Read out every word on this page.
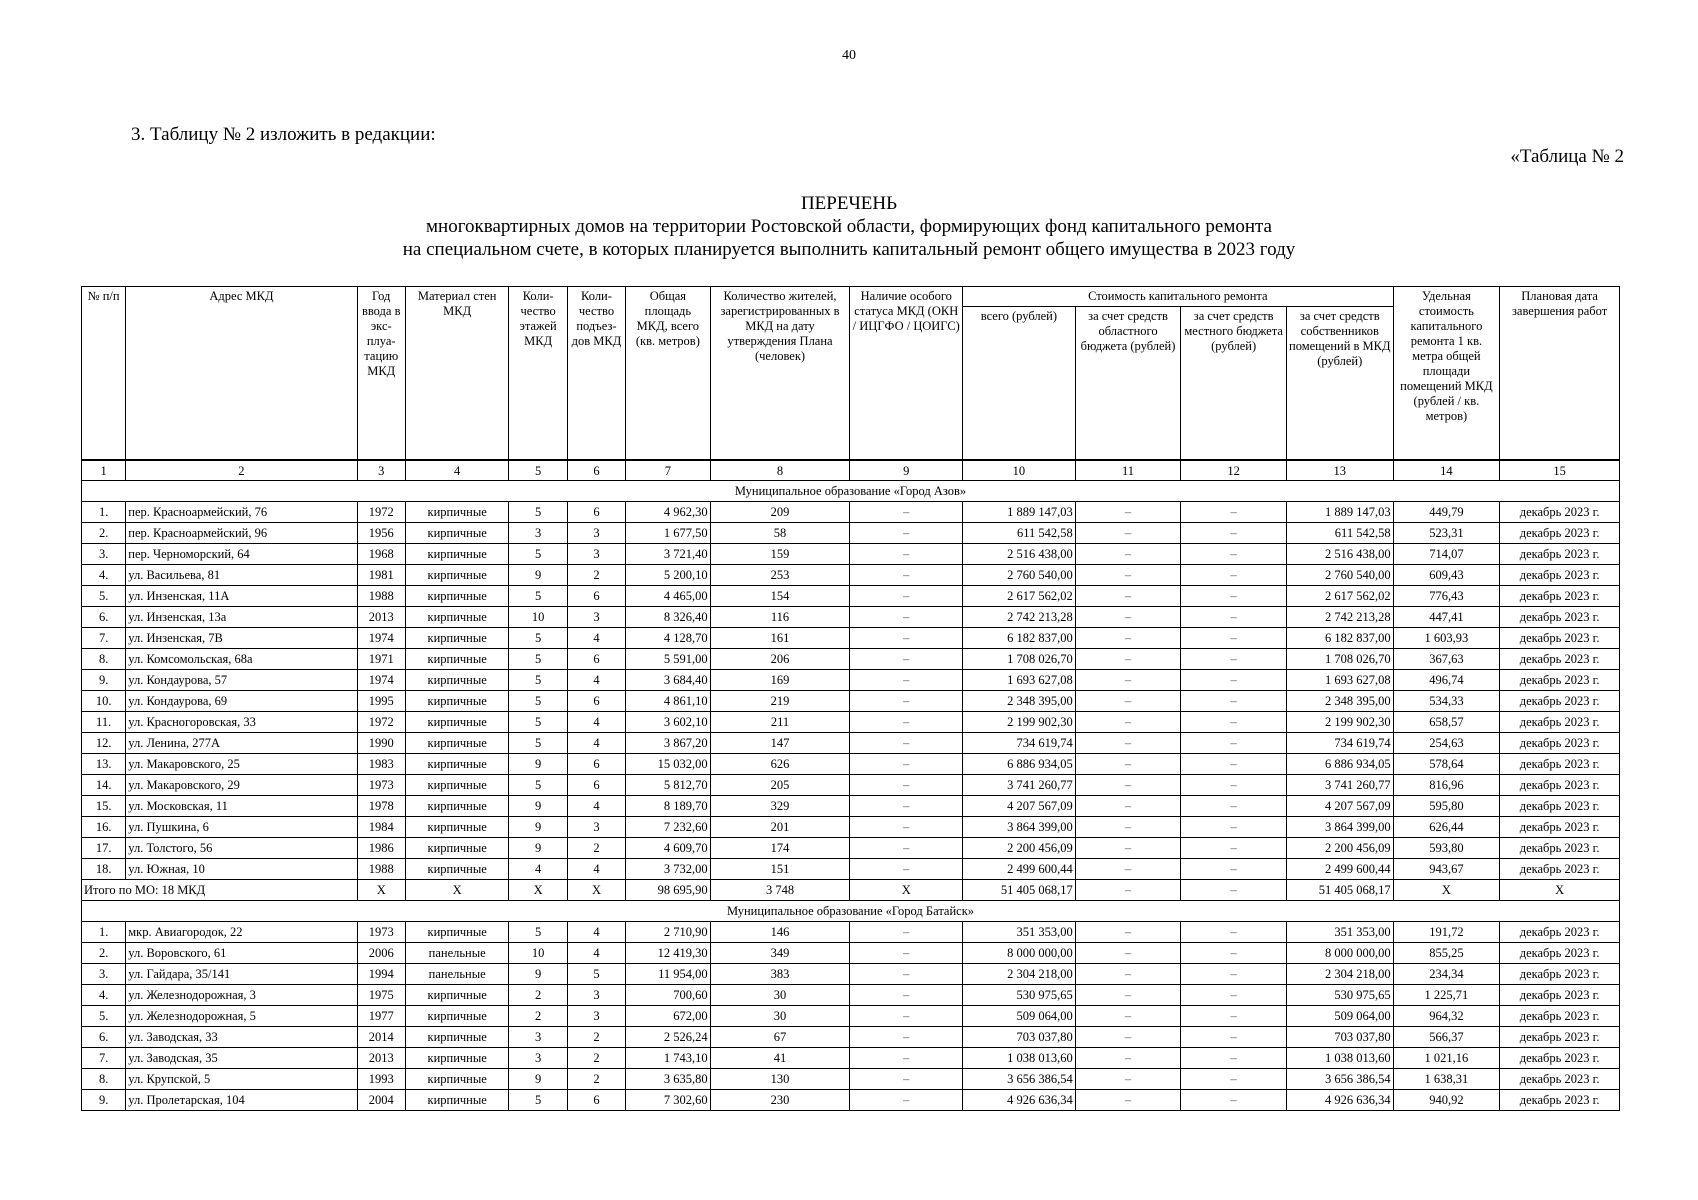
40
3. Таблицу № 2 изложить в редакции:
«Таблица № 2
ПЕРЕЧЕНЬ
многоквартирных домов на территории Ростовской области, формирующих фонд капитального ремонта
на специальном счете, в которых планируется выполнить капитальный ремонт общего имущества в 2023 году
№ п/п	Адрес МКД	Год ввода в экс-плуа-тацию МКД	Материал стен МКД	Коли-чество этажей МКД	Коли-чество подъез-дов МКД	Общая площадь МКД, всего (кв. метров)	Количество жителей, зарегистрированных в МКД на дату утверждения Плана (человек)	Наличие особого статуса МКД (ОКН / ИЦГФО / ЦОИГС)	Стоимость капитального ремонта				Удельная стоимость капитального ремонта 1 кв. метра общей площади помещений МКД (рублей / кв. метров)	Плановая дата завершения работ
									всего (рублей)	за счет средств областного бюджета (рублей)	за счет средств местного бюджета (рублей)	за счет средств собственников помещений в МКД (рублей)		
1	2	3	4	5	6	7	8	9	10	11	12	13	14	15
Муниципальное образование «Город Азов»														
1.	пер. Красноармейский, 76	1972	кирпичные	5	6	4 962,30	209	–	1 889 147,03	–	–	1 889 147,03	449,79	декабрь 2023 г.
2.	пер. Красноармейский, 96	1956	кирпичные	3	3	1 677,50	58	–	611 542,58	–	–	611 542,58	523,31	декабрь 2023 г.
3.	пер. Черноморский, 64	1968	кирпичные	5	3	3 721,40	159	–	2 516 438,00	–	–	2 516 438,00	714,07	декабрь 2023 г.
4.	ул. Васильева, 81	1981	кирпичные	9	2	5 200,10	253	–	2 760 540,00	–	–	2 760 540,00	609,43	декабрь 2023 г.
5.	ул. Инзенская, 11А	1988	кирпичные	5	6	4 465,00	154	–	2 617 562,02	–	–	2 617 562,02	776,43	декабрь 2023 г.
6.	ул. Инзенская, 13а	2013	кирпичные	10	3	8 326,40	116	–	2 742 213,28	–	–	2 742 213,28	447,41	декабрь 2023 г.
7.	ул. Инзенская, 7В	1974	кирпичные	5	4	4 128,70	161	–	6 182 837,00	–	–	6 182 837,00	1 603,93	декабрь 2023 г.
8.	ул. Комсомольская, 68а	1971	кирпичные	5	6	5 591,00	206	–	1 708 026,70	–	–	1 708 026,70	367,63	декабрь 2023 г.
9.	ул. Кондаурова, 57	1974	кирпичные	5	4	3 684,40	169	–	1 693 627,08	–	–	1 693 627,08	496,74	декабрь 2023 г.
10.	ул. Кондаурова, 69	1995	кирпичные	5	6	4 861,10	219	–	2 348 395,00	–	–	2 348 395,00	534,33	декабрь 2023 г.
11.	ул. Красногоровская, 33	1972	кирпичные	5	4	3 602,10	211	–	2 199 902,30	–	–	2 199 902,30	658,57	декабрь 2023 г.
12.	ул. Ленина, 277А	1990	кирпичные	5	4	3 867,20	147	–	734 619,74	–	–	734 619,74	254,63	декабрь 2023 г.
13.	ул. Макаровского, 25	1983	кирпичные	9	6	15 032,00	626	–	6 886 934,05	–	–	6 886 934,05	578,64	декабрь 2023 г.
14.	ул. Макаровского, 29	1973	кирпичные	5	6	5 812,70	205	–	3 741 260,77	–	–	3 741 260,77	816,96	декабрь 2023 г.
15.	ул. Московская, 11	1978	кирпичные	9	4	8 189,70	329	–	4 207 567,09	–	–	4 207 567,09	595,80	декабрь 2023 г.
16.	ул. Пушкина, 6	1984	кирпичные	9	3	7 232,60	201	–	3 864 399,00	–	–	3 864 399,00	626,44	декабрь 2023 г.
17.	ул. Толстого, 56	1986	кирпичные	9	2	4 609,70	174	–	2 200 456,09	–	–	2 200 456,09	593,80	декабрь 2023 г.
18.	ул. Южная, 10	1988	кирпичные	4	4	3 732,00	151	–	2 499 600,44	–	–	2 499 600,44	943,67	декабрь 2023 г.
Итого по МО: 18 МКД		Х	Х	Х	Х	98 695,90	3 748	Х	51 405 068,17	–	–	51 405 068,17	Х	Х
Муниципальное образование «Город Батайск»														
1.	мкр. Авиагородок, 22	1973	кирпичные	5	4	2 710,90	146	–	351 353,00	–	–	351 353,00	191,72	декабрь 2023 г.
2.	ул. Воровского, 61	2006	панельные	10	4	12 419,30	349	–	8 000 000,00	–	–	8 000 000,00	855,25	декабрь 2023 г.
3.	ул. Гайдара, 35/141	1994	панельные	9	5	11 954,00	383	–	2 304 218,00	–	–	2 304 218,00	234,34	декабрь 2023 г.
4.	ул. Железнодорожная, 3	1975	кирпичные	2	3	700,60	30	–	530 975,65	–	–	530 975,65	1 225,71	декабрь 2023 г.
5.	ул. Железнодорожная, 5	1977	кирпичные	2	3	672,00	30	–	509 064,00	–	–	509 064,00	964,32	декабрь 2023 г.
6.	ул. Заводская, 33	2014	кирпичные	3	2	2 526,24	67	–	703 037,80	–	–	703 037,80	566,37	декабрь 2023 г.
7.	ул. Заводская, 35	2013	кирпичные	3	2	1 743,10	41	–	1 038 013,60	–	–	1 038 013,60	1 021,16	декабрь 2023 г.
8.	ул. Крупской, 5	1993	кирпичные	9	2	3 635,80	130	–	3 656 386,54	–	–	3 656 386,54	1 638,31	декабрь 2023 г.
9.	ул. Пролетарская, 104	2004	кирпичные	5	6	7 302,60	230	–	4 926 636,34	–	–	4 926 636,34	940,92	декабрь 2023 г.
